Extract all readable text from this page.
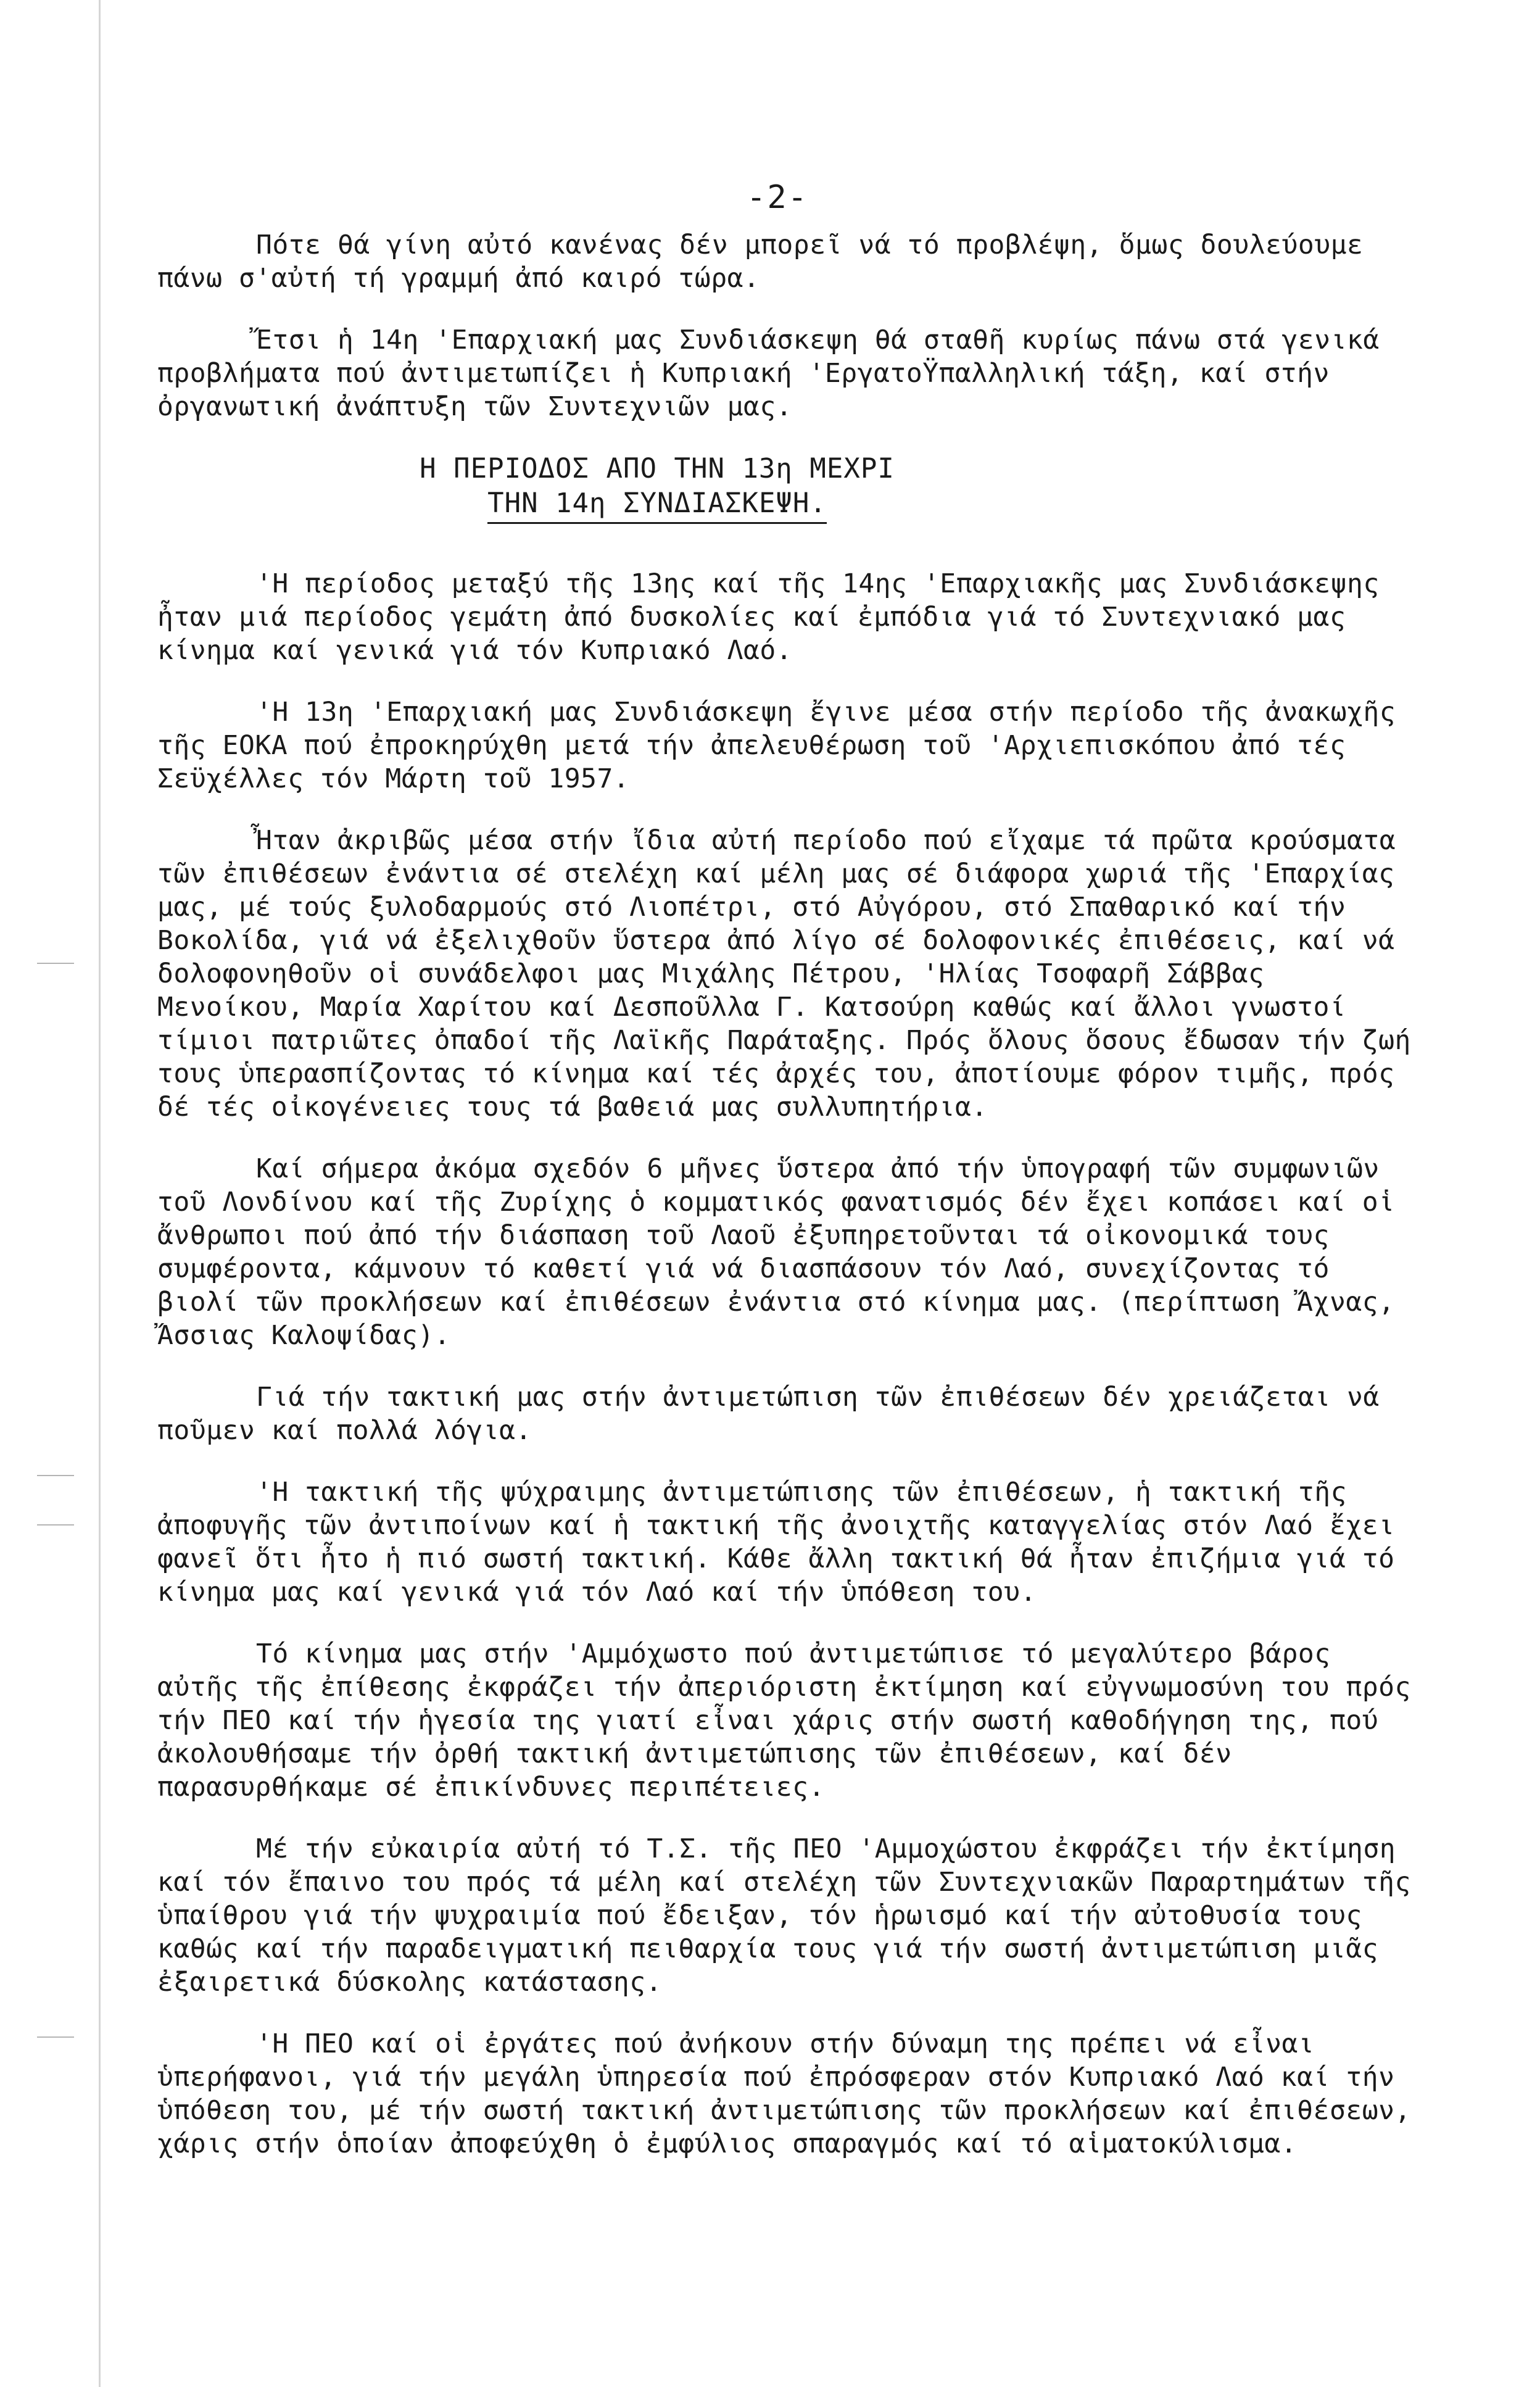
-2-

Πότε θά γίνη αὐτό κανένας δέν μπορεῖ νά τό προβλέψη, ὅμως δουλεύουμε πάνω σ'αὐτή τή γραμμή ἀπό καιρό τώρα.

Ἔτσι ἡ 14η 'Επαρχιακή μας Συνδιάσκεψη θά σταθῆ κυρίως πάνω στά γενικά προβλήματα πού ἀντιμετωπίζει ἡ Κυπριακή 'ΕργατοΫπαλληλική τάξη, καί στήν ὀργανωτική ἀνάπτυξη τῶν Συντεχνιῶν μας.

Η ΠΕΡΙΟΔΟΣ ΑΠΟ ΤΗΝ 13η ΜΕΧΡΙ
ΤΗΝ 14η ΣΥΝΔΙΑΣΚΕΨΗ.

'Η περίοδος μεταξύ τῆς 13ης καί τῆς 14ης 'Επαρχιακῆς μας Συνδιάσκεψης ἦταν μιά περίοδος γεμάτη ἀπό δυσκολίες καί ἐμπόδια γιά τό Συντεχνιακό μας κίνημα καί γενικά γιά τόν Κυπριακό Λαό.

'Η 13η 'Επαρχιακή μας Συνδιάσκεψη ἔγινε μέσα στήν περίοδο τῆς ἀνακωχῆς τῆς ΕΟΚΑ πού ἐπροκηρύχθη μετά τήν ἀπελευθέρωση τοῦ 'Αρχιεπισκόπου ἀπό τές Σεϋχέλλες τόν Μάρτη τοῦ 1957.

Ἦταν ἀκριβῶς μέσα στήν ἴδια αὐτή περίοδο πού εἴχαμε τά πρῶτα κρούσματα τῶν ἐπιθέσεων ἐνάντια σέ στελέχη καί μέλη μας σέ διάφορα χωριά τῆς 'Επαρχίας μας, μέ τούς ξυλοδαρμούς στό Λιοπέτρι, στό Αὐγόρου, στό Σπαθαρικό καί τήν Βοκολίδα, γιά νά ἐξελιχθοῦν ὕστερα ἀπό λίγο σέ δολοφονικές ἐπιθέσεις, καί νά δολοφονηθοῦν οἱ συνάδελφοι μας Μιχάλης Πέτρου, 'Ηλίας Τσοφαρῆ Σάββας Μενοίκου, Μαρία Χαρίτου καί Δεσποῦλλα Γ. Κατσούρη καθώς καί ἄλλοι γνωστοί τίμιοι πατριῶτες ὀπαδοί τῆς Λαϊκῆς Παράταξης. Πρός ὅλους ὅσους ἔδωσαν τήν ζωή τους ὑπερασπίζοντας τό κίνημα καί τές ἀρχές του, ἀποτίουμε φόρον τιμῆς, πρός δέ τές οἰκογένειες τους τά βαθειά μας συλλυπητήρια.

Καί σήμερα ἀκόμα σχεδόν 6 μῆνες ὕστερα ἀπό τήν ὑπογραφή τῶν συμφωνιῶν τοῦ Λονδίνου καί τῆς Ζυρίχης ὁ κομματικός φανατισμός δέν ἔχει κοπάσει καί οἱ ἄνθρωποι πού ἀπό τήν διάσπαση τοῦ Λαοῦ ἐξυπηρετοῦνται τά οἰκονομικά τους συμφέροντα, κάμνουν τό καθετί γιά νά διασπάσουν τόν Λαό, συνεχίζοντας τό βιολί τῶν προκλήσεων καί ἐπιθέσεων ἐνάντια στό κίνημα μας. (περίπτωση Ἄχνας, Ἄσσιας Καλοψίδας).

Γιά τήν τακτική μας στήν ἀντιμετώπιση τῶν ἐπιθέσεων δέν χρειάζεται νά ποῦμεν καί πολλά λόγια.

'Η τακτική τῆς ψύχραιμης ἀντιμετώπισης τῶν ἐπιθέσεων, ἡ τακτική τῆς ἀποφυγῆς τῶν ἀντιποίνων καί ἡ τακτική τῆς ἀνοιχτῆς καταγγελίας στόν Λαό ἔχει φανεῖ ὅτι ἦτο ἡ πιό σωστή τακτική. Κάθε ἄλλη τακτική θά ἦταν ἐπιζήμια γιά τό κίνημα μας καί γενικά γιά τόν Λαό καί τήν ὑπόθεση του.

Τό κίνημα μας στήν 'Αμμόχωστο πού ἀντιμετώπισε τό μεγαλύτερο βάρος αὐτῆς τῆς ἐπίθεσης ἐκφράζει τήν ἀπεριόριστη ἐκτίμηση καί εὐγνωμοσύνη του πρός τήν ΠΕΟ καί τήν ἡγεσία της γιατί εἶναι χάρις στήν σωστή καθοδήγηση της, πού ἀκολουθήσαμε τήν ὀρθή τακτική ἀντιμετώπισης τῶν ἐπιθέσεων, καί δέν παρασυρθήκαμε σέ ἐπικίνδυνες περιπέτειες.

Μέ τήν εὐκαιρία αὐτή τό Τ.Σ. τῆς ΠΕΟ 'Αμμοχώστου ἐκφράζει τήν ἐκτίμηση καί τόν ἔπαινο του πρός τά μέλη καί στελέχη τῶν Συντεχνιακῶν Παραρτημάτων τῆς ὑπαίθρου γιά τήν ψυχραιμία πού ἔδειξαν, τόν ἡρωισμό καί τήν αὐτοθυσία τους καθώς καί τήν παραδειγματική πειθαρχία τους γιά τήν σωστή ἀντιμετώπιση μιᾶς ἐξαιρετικά δύσκολης κατάστασης.

'Η ΠΕΟ καί οἱ ἐργάτες πού ἀνήκουν στήν δύναμη της πρέπει νά εἶναι ὑπερήφανοι, γιά τήν μεγάλη ὑπηρεσία πού ἐπρόσφεραν στόν Κυπριακό Λαό καί τήν ὑπόθεση του, μέ τήν σωστή τακτική ἀντιμετώπισης τῶν προκλήσεων καί ἐπιθέσεων, χάρις στήν ὁποίαν ἀποφεύχθη ὁ ἐμφύλιος σπαραγμός καί τό αἱματοκύλισμα.
